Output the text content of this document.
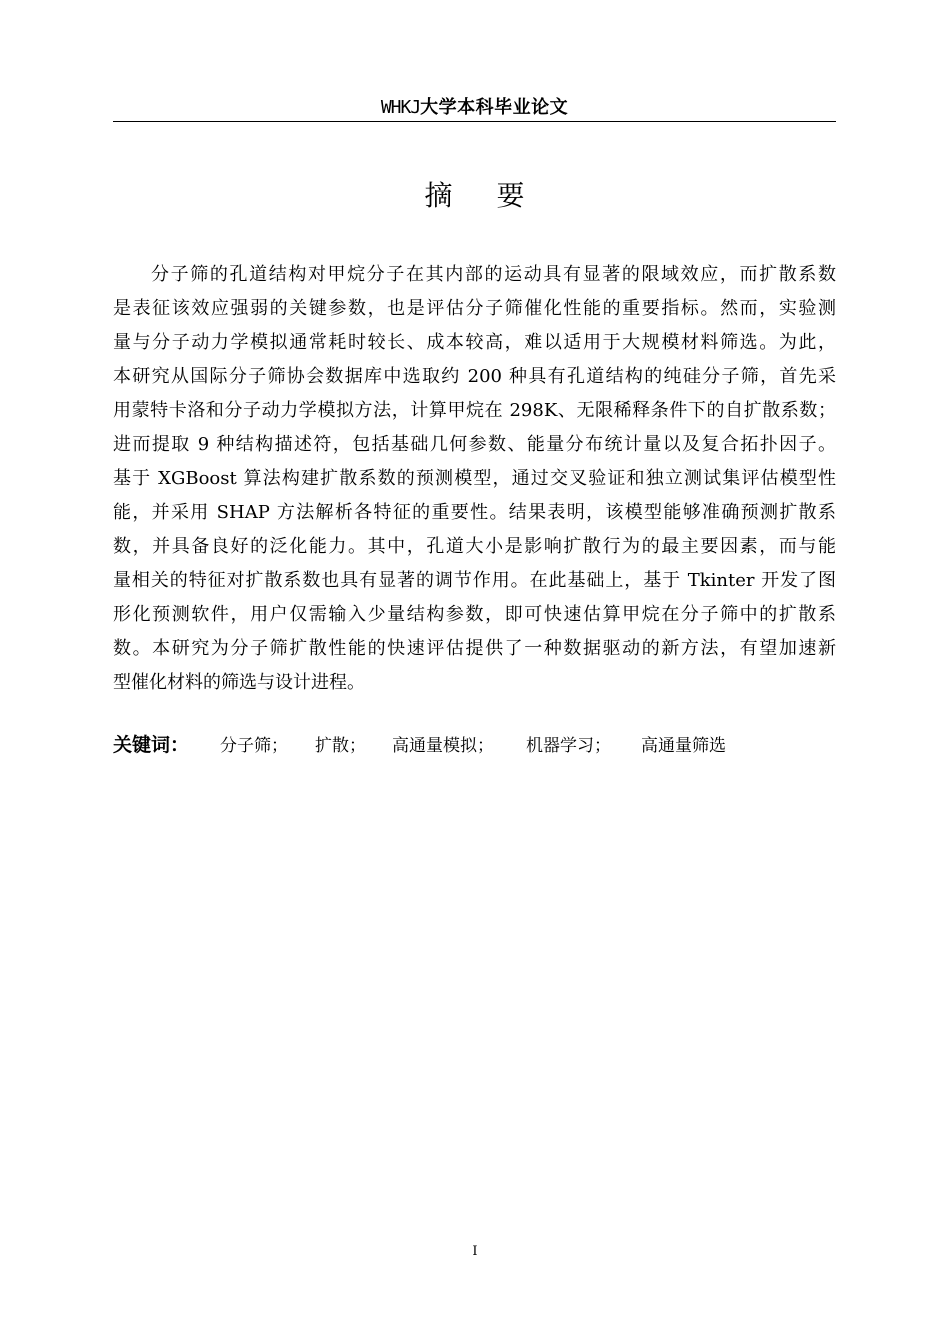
WHKJ大学本科毕业论文
摘要
分子筛的孔道结构对甲烷分子在其内部的运动具有显著的限域效应，而扩散系数
是表征该效应强弱的关键参数，也是评估分子筛催化性能的重要指标。然而，实验测
量与分子动力学模拟通常耗时较长、成本较高，难以适用于大规模材料筛选。为此，
本研究从国际分子筛协会数据库中选取约 200 种具有孔道结构的纯硅分子筛，首先采
用蒙特卡洛和分子动力学模拟方法，计算甲烷在 298K、无限稀释条件下的自扩散系数；
进而提取 9 种结构描述符，包括基础几何参数、能量分布统计量以及复合拓扑因子。
基于 XGBoost 算法构建扩散系数的预测模型，通过交叉验证和独立测试集评估模型性
能，并采用 SHAP 方法解析各特征的重要性。结果表明，该模型能够准确预测扩散系
数，并具备良好的泛化能力。其中，孔道大小是影响扩散行为的最主要因素，而与能
量相关的特征对扩散系数也具有显著的调节作用。在此基础上，基于 Tkinter 开发了图
形化预测软件，用户仅需输入少量结构参数，即可快速估算甲烷在分子筛中的扩散系
数。本研究为分子筛扩散性能的快速评估提供了一种数据驱动的新方法，有望加速新
型催化材料的筛选与设计进程。
关键词： 分子筛； 扩散； 高通量模拟； 机器学习； 高通量筛选
I
